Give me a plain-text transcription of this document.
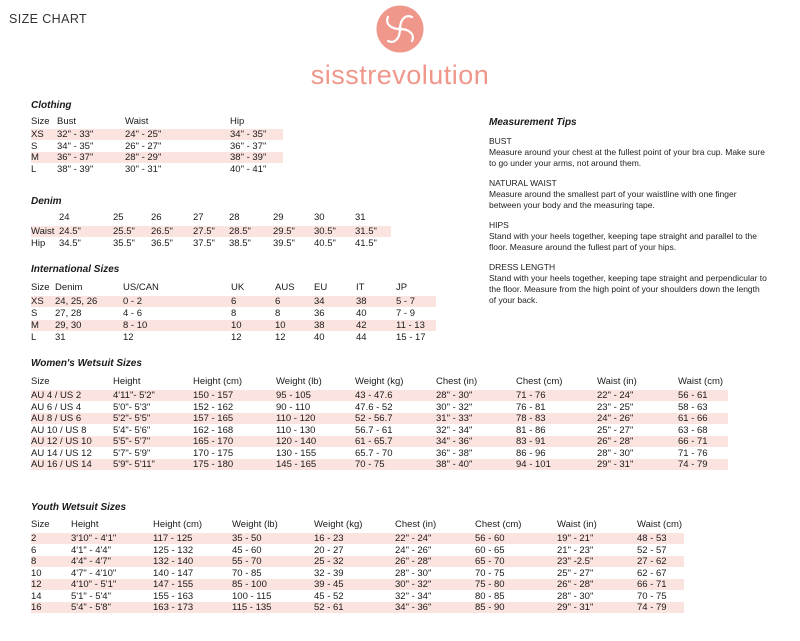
SIZE CHART
sisstrevolution
Clothing
Size Bust	Waist	Hip
XS 32" - 33"	24" - 25"	34" - 35"
S 34" - 35"	26" - 27"	36" - 37"
M 36" - 37"	28" - 29"	38" - 39"
L 38" - 39"	30" - 31"	40" - 41"
Denim
24	25	26	27	28	29	30	31
Waist 24.5"	25.5" 26.5" 27.5" 28.5" 29.5" 30.5" 31.5"
Hip 34.5"	35.5" 36.5" 37.5" 38.5" 39.5" 40.5" 41.5"
International Sizes
Size Denim	US/CAN	UK	AUS EU	IT	JP
XS 24, 25, 26	0 - 2	6	6	34	38	5 - 7
S 27, 28	4 - 6	8	8	36	40	7 - 9
M 29, 30	8 - 10	10	10	38	42	11 - 13
L 31	12	12	12	40	44	15 - 17
Women's Wetsuit Sizes
Size	Height	Height (cm)	Weight (lb)	Weight (kg)	Chest (in)	Chest (cm)	Waist (in)	Waist (cm)
AU 4 / US 2	4'11"- 5'2"	150 - 157	95 - 105	43 - 47.6	28" - 30"	71 - 76	22" - 24"	56 - 61
AU 6 / US 4	5'0"- 5'3"	152 - 162	90 - 110	47.6 - 52	30" - 32"	76 - 81	23" - 25"	58 - 63
AU 8 / US 6	5'2"- 5'5"	157 - 165	110 - 120	52 - 56.7	31" - 33"	78 - 83	24" - 26"	61 - 66
AU 10 / US 8	5'4"- 5'6"	162 - 168	110 - 130	56.7 - 61	32" - 34"	81 - 86	25" - 27"	63 - 68
AU 12 / US 10 5'5"- 5'7"	165 - 170	120 - 140	61 - 65.7	34" - 36"	83 - 91	26" - 28"	66 - 71
AU 14 / US 12 5'7"- 5'9"	170 - 175	130 - 155	65.7 - 70	36" - 38"	86 - 96	28" - 30"	71 - 76
AU 16 / US 14 5'9"- 5'11"	175 - 180	145 - 165	70 - 75	38" - 40"	94 - 101	29" - 31"	74 - 79
Youth Wetsuit Sizes
Size Height	Height (cm)	Weight (lb)	Weight (kg)	Chest (in)	Chest (cm)	Waist (in)	Waist (cm)
2	3'10" - 4'1"	117 - 125	35 - 50	16 - 23	22" - 24"	56 - 60	19" - 21"	48 - 53
6	4'1" - 4'4"	125 - 132	45 - 60	20 - 27	24" - 26"	60 - 65	21" - 23"	52 - 57
8	4'4" - 4'7"	132 - 140	55 - 70	25 - 32	26" - 28"	65 - 70	23" -2.5"	27 - 62
10	4'7" - 4'10"	140 - 147	70 - 85	32 - 39	28" - 30"	70 - 75	25" - 27"	62 - 67
12	4'10" - 5'1"	147 - 155	85 - 100	39 - 45	30" - 32"	75 - 80	26" - 28"	66 - 71
14	5'1" - 5'4"	155 - 163	100 - 115	45 - 52	32" - 34"	80 - 85	28" - 30"	70 - 75
16	5'4" - 5'8"	163 - 173	115 - 135	52 - 61	34" - 36"	85 - 90	29" - 31"	74 - 79
Measurement Tips
BUST
Measure around your chest at the fullest point of your bra cup. Make sure to go under your arms, not around them.
NATURAL WAIST
Measure around the smallest part of your waistline with one finger between your body and the measuring tape.
HIPS
Stand with your heels together, keeping tape straight and parallel to the floor. Measure around the fullest part of your hips.
DRESS LENGTH
Stand with your heels together, keeping tape straight and perpendicular to the floor. Measure from the high point of your shoulders down the length of your back.
